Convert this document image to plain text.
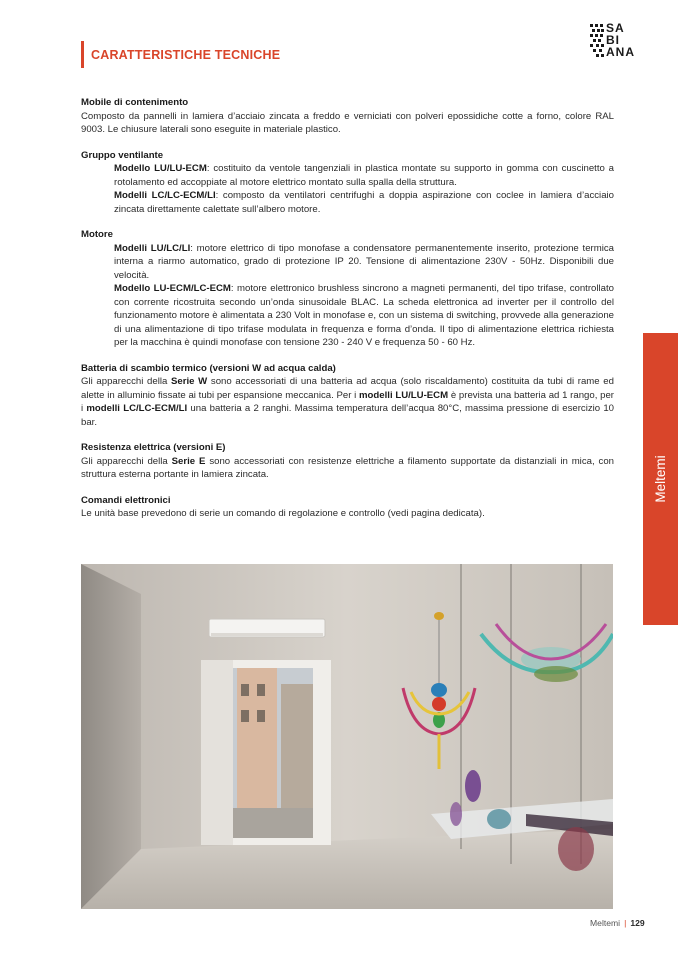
CARATTERISTICHE TECNICHE
SA
BI
ANA
Mobile di contenimento

Composto da pannelli in lamiera d’acciaio zincata a freddo e verniciati con polveri epossidiche cotte a forno, colore RAL 9003. Le chiusure laterali sono eseguite in materiale plastico.

Gruppo ventilante

Modello LU/LU-ECM: costituito da ventole tangenziali in plastica montate su supporto in gomma con cuscinetto a rotolamento ed accoppiate al motore elettrico montato sulla spalla della struttura.

Modelli LC/LC-ECM/LI: composto da ventilatori centrifughi a doppia aspirazione con coclee in lamiera d’acciaio zincata direttamente calettate sull’albero motore.

Motore

Modelli LU/LC/LI: motore elettrico di tipo monofase a condensatore permanentemente inserito, protezione termica interna a riarmo automatico, grado di protezione IP 20. Tensione di alimentazione 230V - 50Hz. Disponibili due velocità.

Modello LU-ECM/LC-ECM: motore elettronico brushless sincrono a magneti permanenti, del tipo trifase, controllato con corrente ricostruita secondo un’onda sinusoidale BLAC. La scheda elettronica ad inverter per il controllo del funzionamento motore è alimentata a 230 Volt in monofase e, con un sistema di switching, provvede alla generazione di una alimentazione di tipo trifase modulata in frequenza e forma d’onda. Il tipo di alimentazione elettrica richiesta per la macchina è quindi monofase con tensione 230 - 240 V e frequenza 50 - 60 Hz.

Batteria di scambio termico (versioni W ad acqua calda)

Gli apparecchi della Serie W sono accessoriati di una batteria ad acqua (solo riscaldamento) costituita da tubi di rame ed alette in alluminio fissate ai tubi per espansione meccanica. Per i modelli LU/LU-ECM è prevista una batteria ad 1 rango, per i modelli LC/LC-ECM/LI una batteria a 2 ranghi. Massima temperatura dell’acqua 80°C, massima pressione di esercizio 10 bar.

Resistenza elettrica (versioni E)

Gli apparecchi della Serie E sono accessoriati con resistenze elettriche a filamento supportate da distanziali in mica, con struttura esterna portante in lamiera zincata.

Comandi elettronici

Le unità base prevedono di serie un comando di regolazione e controllo (vedi pagina dedicata).

Meltemi
Meltemi | 129
